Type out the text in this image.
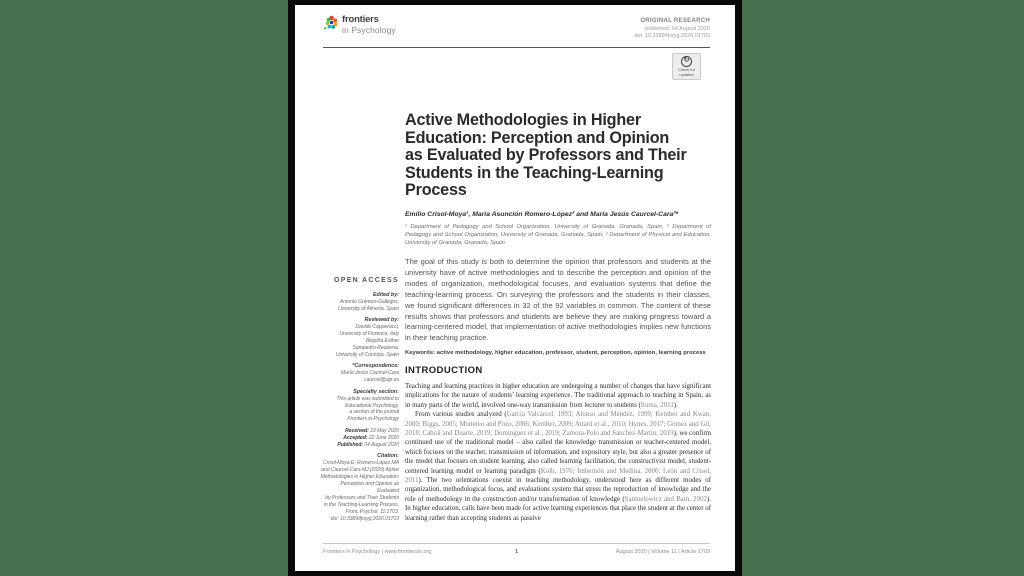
frontiers
in Psychology
ORIGINAL RESEARCH
published: 04 August 2020
doi: 10.3389/fpsyg.2020.01703
↻
Check for
updates
Active Methodologies in Higher
Education: Perception and Opinion
as Evaluated by Professors and Their
Students in the Teaching-Learning
Process
Emilio Crisol-Moya¹, María Asunción Romero-López² and María Jesús Caurcel-Cara³*
¹ Department of Pedagogy and School Organization, University of Granada, Granada, Spain, ² Department of Pedagogy and School Organization, University of Granada, Granada, Spain, ³ Department of Physical and Education, University of Granada, Granada, Spain
The goal of this study is both to determine the opinion that professors and students at the university have of active methodologies and to describe the perception and opinion of the modes of organization, methodological focuses, and evaluation systems that define the teaching-learning process. On surveying the professors and the students in their classes, we found significant differences in 32 of the 92 variables in common. The content of these results shows that professors and students are believe they are making progress toward a learning-centered model, that implementation of active methodologies implies new functions in their teaching practice.
Keywords: active methodology, higher education, professor, student, perception, opinion, learning process
OPEN ACCESS
Edited by:
Antonio Granero-Gallegos,
University of Almería, Spain
Reviewed by:
Davide Capperucci,
University of Florence, Italy
Begoña Esther
Sampedro-Requena,
University of Córdoba, Spain
*Correspondence:
María Jesús Caurcel-Cara
caurcel@ugr.es
Specialty section:
This article was submitted to
Educational Psychology,
a section of the journal
Frontiers in Psychology
Received: 23 May 2020
Accepted: 22 June 2020
Published: 04 August 2020
Citation:
Crisol-Moya E, Romero-López MA
and Caurcel-Cara MJ (2020) Active
Methodologies in Higher Education:
Perception and Opinion as Evaluated
by Professors and Their Students
in the Teaching-Learning Process.
Front. Psychol. 11:1703.
doi: 10.3389/fpsyg.2020.01703
INTRODUCTION

Teaching and learning practices in higher education are undergoing a number of changes that have significant implications for the nature of students’ learning experience. The traditional approach to teaching in Spain, as in many parts of the world, involved one-way transmission from lecturer to students (Ituma, 2011).

From various studies analyzed (García Valcárcel, 1993; Alonso and Méndez, 1999; Kember and Kwan, 2000; Biggs, 2005; Monereo and Pozo, 2006; Kember, 2009; Attard et al., 2010; Hynes, 2017; Gómez and Gil, 2018; Cabral and Duarte, 2019; Dominguez et al., 2019; Zamora-Polo and Sánchez-Martín, 2019), we confirm continued use of the traditional model – also called the knowledge transmission or teacher-centered model, which focuses on the teacher, transmission of information, and expository style, but also a greater presence of the model that focuses on student learning, also called learning facilitation, the constructivist model, student-centered learning model or learning paradigm (Kolb, 1976; Imbernón and Medina, 2006; León and Crisol, 2011). The two orientations coexist in teaching methodology, understood here as different modes of organization, methodological focus, and evaluations system that stress the reproduction of knowledge and the role of methodology in the construction and/or transformation of knowledge (Samuelowicz and Bain, 2002). In higher education, calls have been made for active learning experiences that place the student at the center of learning rather than accepting students as passive

Frontiers in Psychology | www.frontiersin.org	1	August 2020 | Volume 11 | Article 1703
